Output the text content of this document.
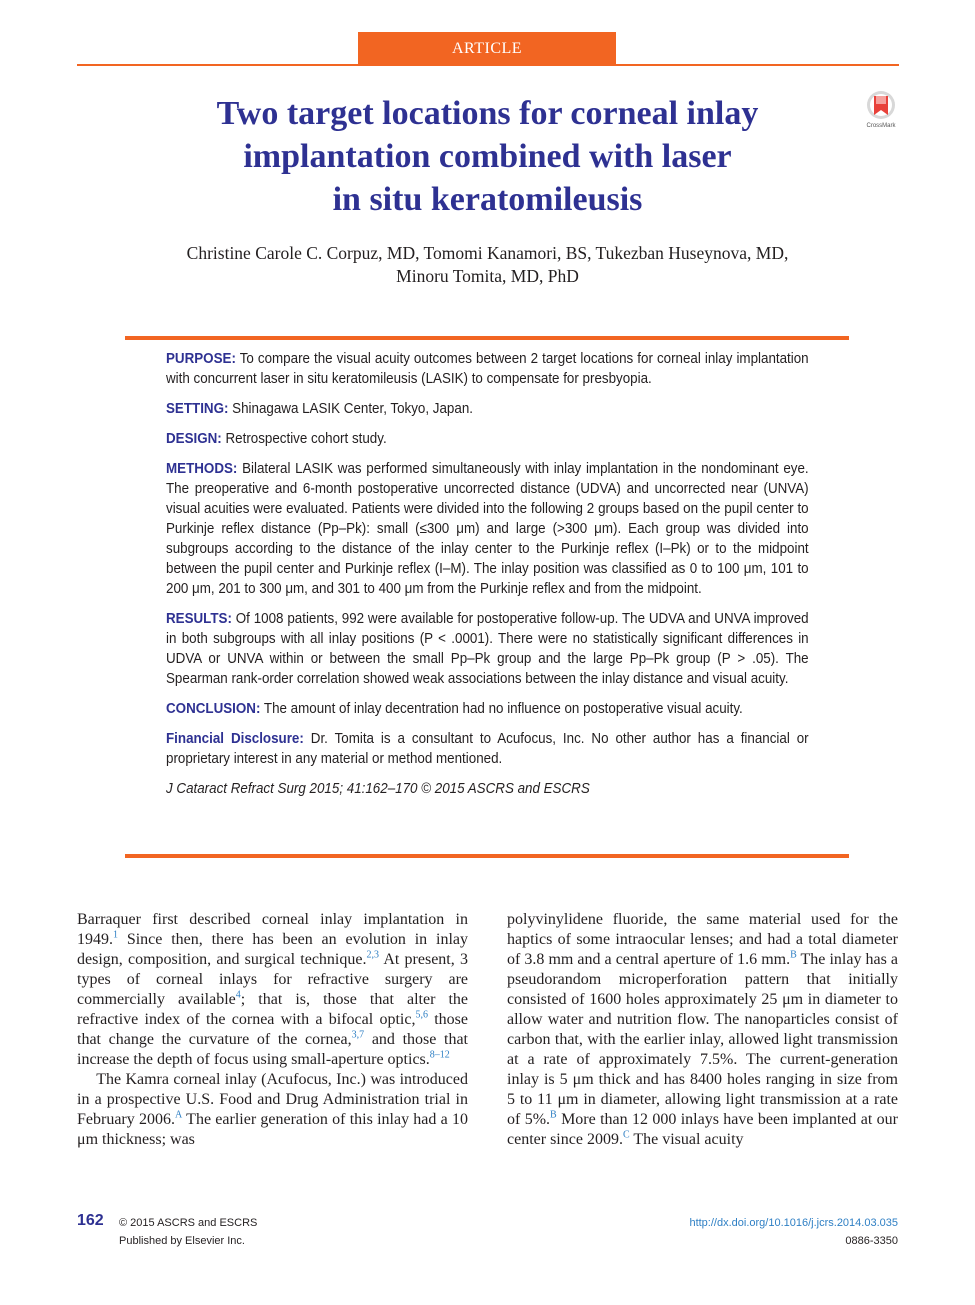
ARTICLE
Two target locations for corneal inlay
implantation combined with laser
in situ keratomileusis
CrossMark

Christine Carole C. Corpuz, MD, Tomomi Kanamori, BS, Tukezban Huseynova, MD,
Minoru Tomita, MD, PhD

PURPOSE: To compare the visual acuity outcomes between 2 target locations for corneal inlay implantation with concurrent laser in situ keratomileusis (LASIK) to compensate for presbyopia.

SETTING: Shinagawa LASIK Center, Tokyo, Japan.

DESIGN: Retrospective cohort study.

METHODS: Bilateral LASIK was performed simultaneously with inlay implantation in the nondominant eye. The preoperative and 6-month postoperative uncorrected distance (UDVA) and uncorrected near (UNVA) visual acuities were evaluated. Patients were divided into the following 2 groups based on the pupil center to Purkinje reflex distance (Pp–Pk): small (≤300 μm) and large (>300 μm). Each group was divided into subgroups according to the distance of the inlay center to the Purkinje reflex (I–Pk) or to the midpoint between the pupil center and Purkinje reflex (I–M). The inlay position was classified as 0 to 100 μm, 101 to 200 μm, 201 to 300 μm, and 301 to 400 μm from the Purkinje reflex and from the midpoint.

RESULTS: Of 1008 patients, 992 were available for postoperative follow-up. The UDVA and UNVA improved in both subgroups with all inlay positions (P < .0001). There were no statistically significant differences in UDVA or UNVA within or between the small Pp–Pk group and the large Pp–Pk group (P > .05). The Spearman rank-order correlation showed weak associations between the inlay distance and visual acuity.

CONCLUSION: The amount of inlay decentration had no influence on postoperative visual acuity.

Financial Disclosure: Dr. Tomita is a consultant to Acufocus, Inc. No other author has a financial or proprietary interest in any material or method mentioned.

J Cataract Refract Surg 2015; 41:162–170 © 2015 ASCRS and ESCRS

Barraquer first described corneal inlay implantation in 1949.$^1$ Since then, there has been an evolution in inlay design, composition, and surgical technique.$^{2,3}$ At present, 3 types of corneal inlays for refractive surgery are commercially available$^4$; that is, those that alter the refractive index of the cornea with a bifocal optic,$^{5,6}$ those that change the curvature of the cornea,$^{3,7}$ and those that increase the depth of focus using small-aperture optics.$^{8-12}$

The Kamra corneal inlay (Acufocus, Inc.) was introduced in a prospective U.S. Food and Drug Administration trial in February 2006.$^A$ The earlier generation of this inlay had a 10 μm thickness; was

polyvinylidene fluoride, the same material used for the haptics of some intraocular lenses; and had a total diameter of 3.8 mm and a central aperture of 1.6 mm.$^B$ The inlay has a pseudorandom microperforation pattern that initially consisted of 1600 holes approximately 25 μm in diameter to allow water and nutrition flow. The nanoparticles consist of carbon that, with the earlier inlay, allowed light transmission at a rate of approximately 7.5%. The current-generation inlay is 5 μm thick and has 8400 holes ranging in size from 5 to 11 μm in diameter, allowing light transmission at a rate of 5%.$^B$ More than 12 000 inlays have been implanted at our center since 2009.$^C$ The visual acuity

162 © 2015 ASCRS and ESCRS
Published by Elsevier Inc.
http://dx.doi.org/10.1016/j.jcrs.2014.03.035
0886-3350
